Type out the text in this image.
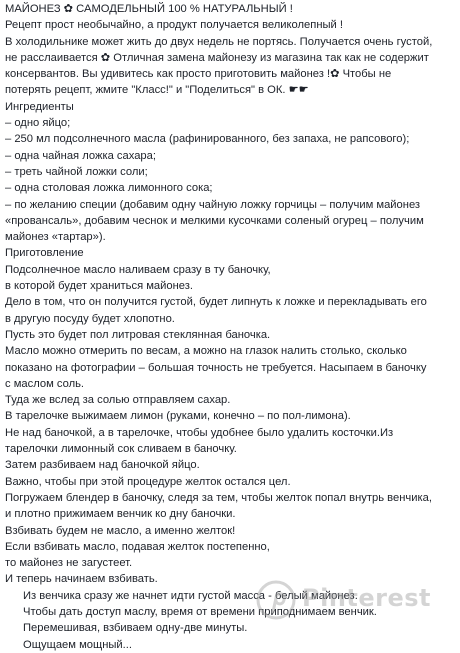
МАЙОНЕЗ ✿ САМОДЕЛЬНЫЙ 100 % НАТУРАЛЬНЫЙ !
Рецепт прост необычайно, а продукт получается великолепный !
В холодильнике может жить до двух недель не портясь. Получается очень густой,
не расслаивается ✿ Отличная замена майонезу из магазина так как не содержит
консервантов. Вы удивитесь как просто приготовить майонез !✿ Чтобы не
потерять рецепт, жмите "Класс!" и "Поделиться" в ОК. ☛☛
Ингредиенты
– одно яйцо;
– 250 мл подсолнечного масла (рафинированного, без запаха, не рапсового);
– одна чайная ложка сахара;
– треть чайной ложки соли;
– одна столовая ложка лимонного сока;
– по желанию специи (добавим одну чайную ложку горчицы – получим майонез
«провансаль», добавим чеснок и мелкими кусочками соленый огурец – получим
майонез «тартар»).
Приготовление
Подсолнечное масло наливаем сразу в ту баночку,
в которой будет храниться майонез.
Дело в том, что он получится густой, будет липнуть к ложке и перекладывать его
в другую посуду будет хлопотно.
Пусть это будет пол литровая стеклянная баночка.
Масло можно отмерить по весам, а можно на глазок налить столько, сколько
показано на фотографии – большая точность не требуется. Насыпаем в баночку
с маслом соль.
Туда же вслед за солью отправляем сахар.
В тарелочке выжимаем лимон (руками, конечно – по пол-лимона).
Не над баночкой, а в тарелочке, чтобы удобнее было удалить косточки.Из
тарелочки лимонный сок сливаем в баночку.
Затем разбиваем над баночкой яйцо.
Важно, чтобы при этой процедуре желток остался цел.
Погружаем блендер в баночку, следя за тем, чтобы желток попал внутрь венчика,
и плотно прижимаем венчик ко дну баночки.
Взбивать будем не масло, а именно желток!
Если взбивать масло, подавая желток постепенно,
то майонез не загустеет.
И теперь начинаем взбивать.
Из венчика сразу же начнет идти густой масса - белый майонез.
Чтобы дать доступ маслу, время от времени приподнимаем венчик.
Перемешивая, взбиваем одну-две минуты.
Ощущаем мощный...
Pinterest
